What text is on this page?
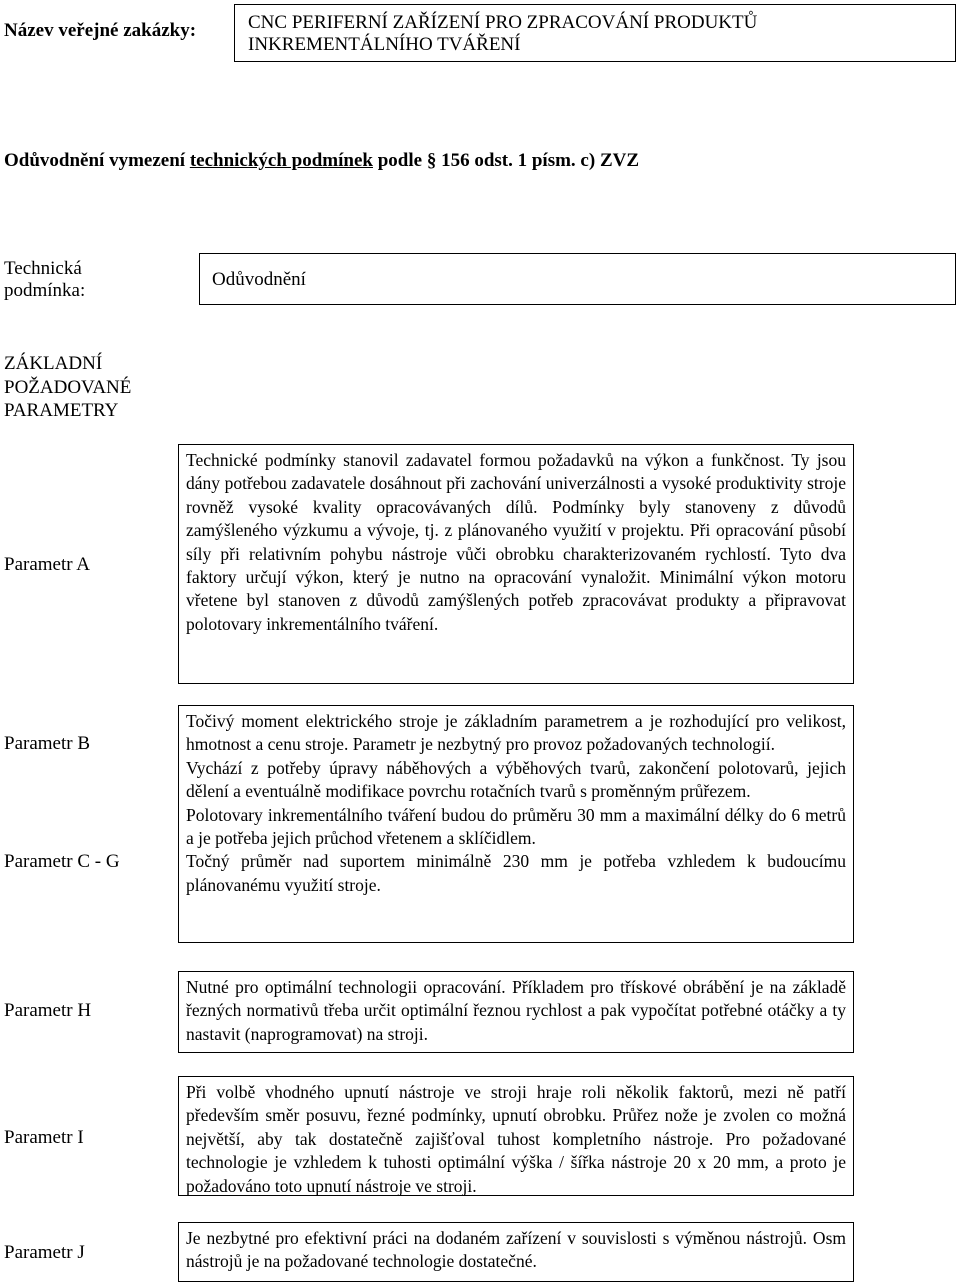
Název veřejné zakázky:	CNC PERIFERNÍ ZAŘÍZENÍ PRO ZPRACOVÁNÍ PRODUKTŮ
INKREMENTÁLNÍHO TVÁŘENÍ
Odůvodnění vymezení technických podmínek podle § 156 odst. 1 písm. c) ZVZ
Technická
podmínka:
Odůvodnění
ZÁKLADNÍ
POŽADOVANÉ
PARAMETRY
Parametr A
Parametr B
Parametr C - G
Parametr H
Parametr I
Parametr J

Technické podmínky stanovil zadavatel formou požadavků na výkon a funkčnost. Ty jsou dány potřebou zadavatele dosáhnout při zachování univerzálnosti a vysoké produktivity stroje rovněž vysoké kvality opracovávaných dílů. Podmínky byly stanoveny z důvodů zamýšleného výzkumu a vývoje, tj. z plánovaného využití v projektu. Při opracování působí síly při relativním pohybu nástroje vůči obrobku charakterizovaném rychlostí. Tyto dva faktory určují výkon, který je nutno na opracování vynaložit. Minimální výkon motoru vřetene byl stanoven z důvodů zamýšlených potřeb zpracovávat produkty a připravovat polotovary inkrementálního tváření.

Točivý moment elektrického stroje je základním parametrem a je rozhodující pro velikost, hmotnost a cenu stroje. Parametr je nezbytný pro provoz požadovaných technologií.

Vychází z potřeby úpravy náběhových a výběhových tvarů, zakončení polotovarů, jejich dělení a eventuálně modifikace povrchu rotačních tvarů s proměnným průřezem.

Polotovary inkrementálního tváření budou do průměru 30 mm a maximální délky do 6 metrů a je potřeba jejich průchod vřetenem a sklíčidlem.

Točný průměr nad suportem minimálně 230 mm je potřeba vzhledem k budoucímu plánovanému využití stroje.

Nutné pro optimální technologii opracování. Příkladem pro třískové obrábění je na základě řezných normativů třeba určit optimální řeznou rychlost a pak vypočítat potřebné otáčky a ty nastavit (naprogramovat) na stroji.

Při volbě vhodného upnutí nástroje ve stroji hraje roli několik faktorů, mezi ně patří především směr posuvu, řezné podmínky, upnutí obrobku. Průřez nože je zvolen co možná největší, aby tak dostatečně zajišťoval tuhost kompletního nástroje. Pro požadované technologie je vzhledem k tuhosti optimální výška / šířka nástroje 20 x 20 mm, a proto je požadováno toto upnutí nástroje ve stroji.

Je nezbytné pro efektivní práci na dodaném zařízení v souvislosti s výměnou nástrojů. Osm nástrojů je na požadované technologie dostatečné.
